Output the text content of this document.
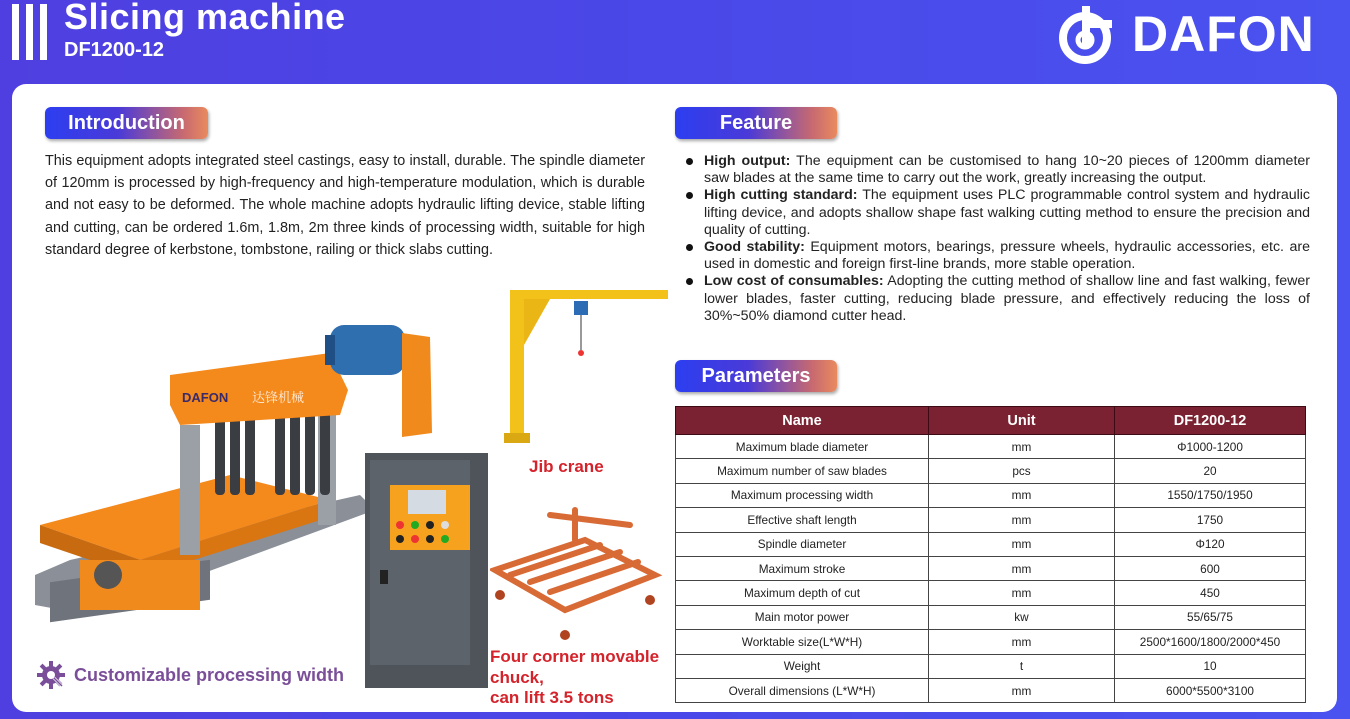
Slicing machine
DF1200-12	DAFON
Introduction

This equipment adopts integrated steel castings, easy to install, durable. The spindle diameter of 120mm is processed by high-frequency and high-temperature modulation, which is durable and not easy to be deformed. The whole machine adopts hydraulic lifting device, stable lifting and cutting, can be ordered 1.6m, 1.8m, 2m three kinds of processing width, suitable for high standard degree of kerbstone, tombstone, railing or thick slabs cutting.

Feature
High output: The equipment can be customised to hang 10~20 pieces of 1200mm diameter saw blades at the same time to carry out the work, greatly increasing the output.
High cutting standard: The equipment uses PLC programmable control system and hydraulic lifting device, and adopts shallow shape fast walking cutting method to ensure the precision and quality of cutting.
Good stability: Equipment motors, bearings, pressure wheels, hydraulic accessories, etc. are used in domestic and foreign first-line brands, more stable operation.
Low cost of consumables: Adopting the cutting method of shallow line and fast walking, fewer lower blades, faster cutting, reducing blade pressure, and effectively reducing the loss of 30%~50% diamond cutter head.
Parameters
Name	Unit	DF1200-12
Maximum blade diameter	mm	Φ1000-1200
Maximum number of saw blades	pcs	20
Maximum processing width	mm	1550/1750/1950
Effective shaft length	mm	1750
Spindle diameter	mm	Φ120
Maximum stroke	mm	600
Maximum depth of cut	mm	450
Main motor power	kw	55/65/75
Worktable size(L*W*H)	mm	2500*1600/1800/2000*450
Weight	t	10
Overall dimensions (L*W*H)	mm	6000*5500*3100
DAFON 达锋机械
Jib crane
Four corner movable
chuck,
can lift 3.5 tons
Customizable processing width
